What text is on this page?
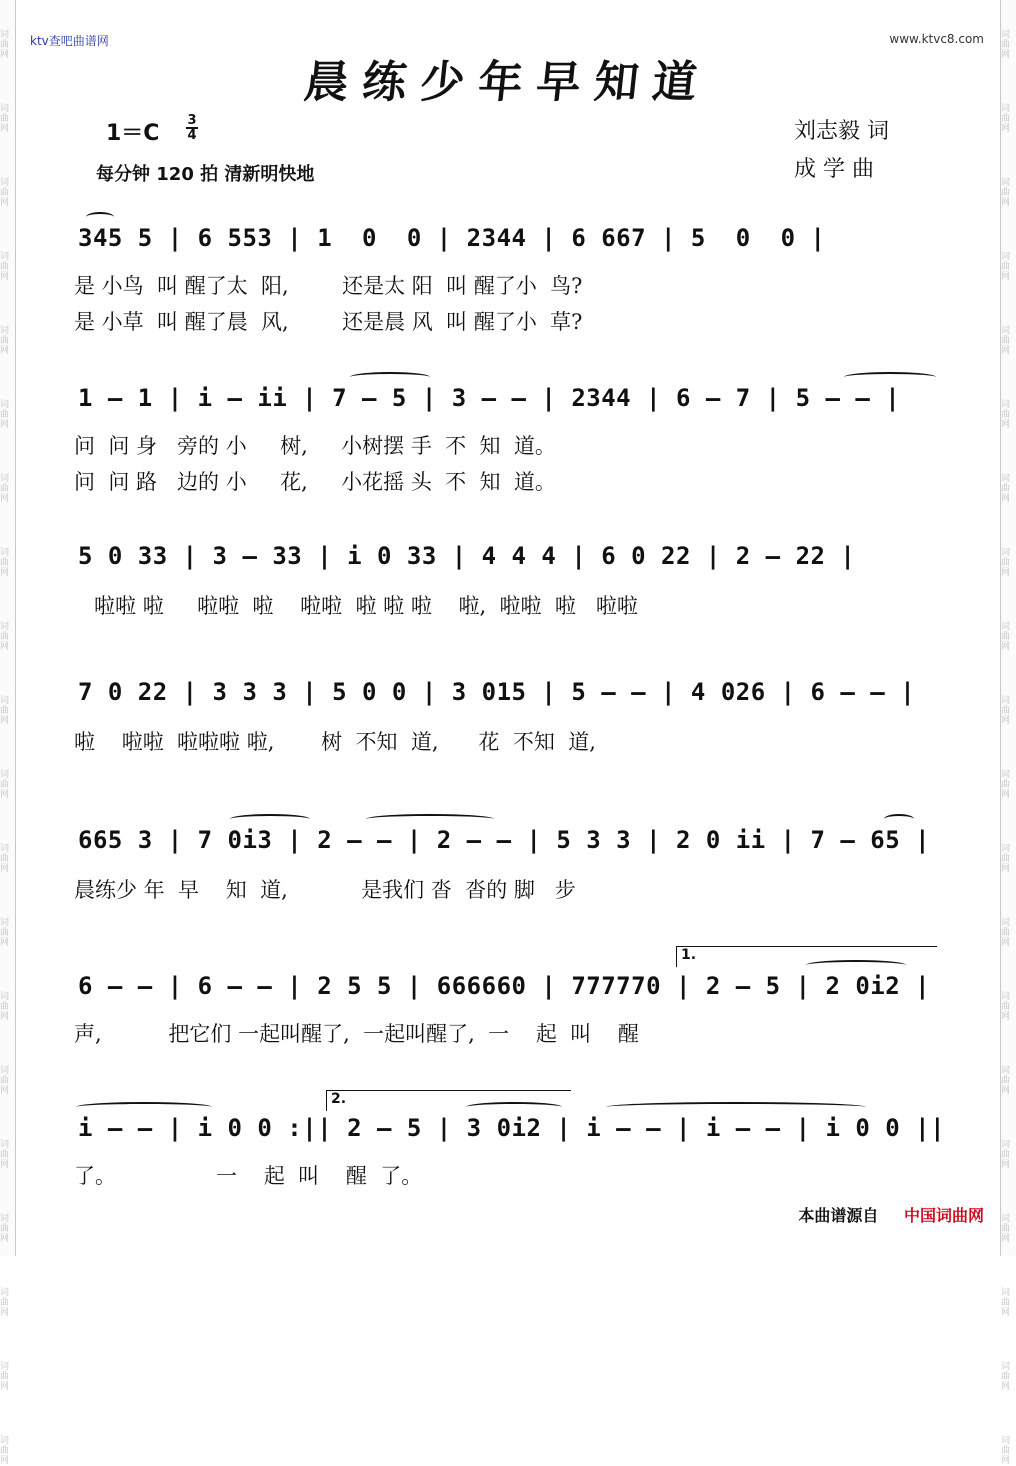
词曲网
词曲网
词曲网
词曲网
词曲网
词曲网
词曲网
词曲网
词曲网
词曲网
词曲网
词曲网
词曲网
词曲网
词曲网
词曲网
词曲网
词曲网
词曲网
词曲网
词曲网
词曲网
词曲网
词曲网
词曲网
词曲网
词曲网
词曲网
词曲网
词曲网
词曲网
词曲网
词曲网
词曲网
词曲网
词曲网
词曲网
词曲网
词曲网
词曲网
ktv查吧曲谱网	www.ktvc8.com
晨练少年早知道
1＝C
3
4
每分钟 120 拍 清新明快地
刘志毅 词
成 学 曲
345 5 | 6 553 | 1  0  0 | 2344 | 6 667 | 5  0  0 |
是 小鸟  叫 醒了太  阳,        还是太 阳  叫 醒了小  鸟?
是 小草  叫 醒了晨  风,        还是晨 风  叫 醒了小  草?
1 – 1 | i – ii | 7 – 5 | 3 – – | 2344 | 6 – 7 | 5 – – |
问  问 身   旁的 小     树,     小树摆 手  不  知  道。
问  问 路   边的 小     花,     小花摇 头  不  知  道。
5 0 33 | 3 – 33 | i 0 33 | 4 4 4 | 6 0 22 | 2 – 22 |
啦啦 啦     啦啦  啦    啦啦  啦 啦 啦    啦,  啦啦  啦   啦啦
7 0 22 | 3 3 3 | 5 0 0 | 3 015 | 5 – – | 4 026 | 6 – – |
啦    啦啦  啦啦啦 啦,       树  不知  道,      花  不知  道,
665 3 | 7 0i3 | 2 – – | 2 – – | 5 3 3 | 2 0 ii | 7 – 65 |
晨练少 年  早    知  道,           是我们 沓  沓的 脚   步
1.
6 – – | 6 – – | 2 5 5 | 666660 | 777770 | 2 – 5 | 2 0i2 |
声,          把它们 一起叫醒了,  一起叫醒了,  一    起  叫    醒
2.
i – – | i 0 0 :|| 2 – 5 | 3 0i2 | i – – | i – – | i 0 0 ||
了。               一    起  叫    醒  了。
本曲谱源自 中国词曲网
